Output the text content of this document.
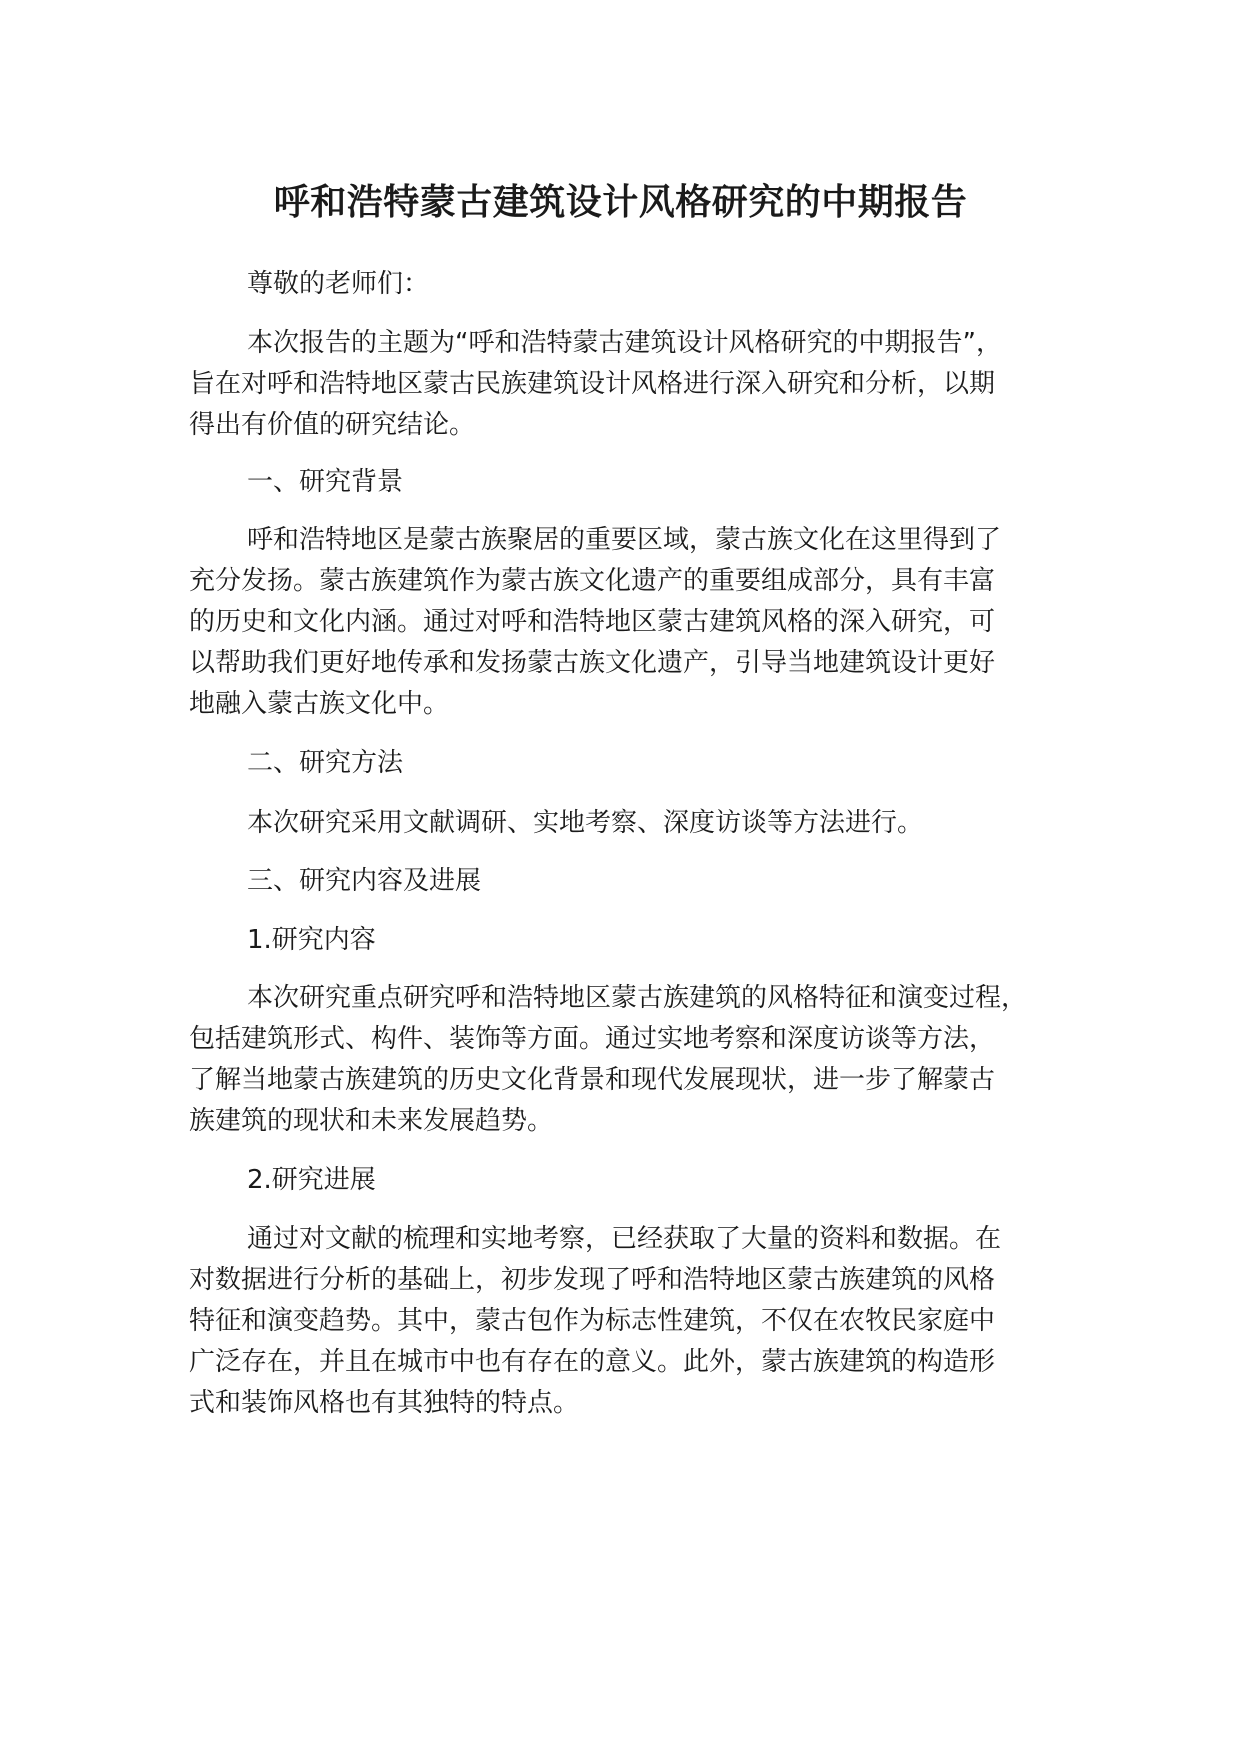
呼和浩特蒙古建筑设计风格研究的中期报告
尊敬的老师们：
本次报告的主题为“呼和浩特蒙古建筑设计风格研究的中期报告”，
旨在对呼和浩特地区蒙古民族建筑设计风格进行深入研究和分析，以期
得出有价值的研究结论。
一、研究背景
呼和浩特地区是蒙古族聚居的重要区域，蒙古族文化在这里得到了
充分发扬。蒙古族建筑作为蒙古族文化遗产的重要组成部分，具有丰富
的历史和文化内涵。通过对呼和浩特地区蒙古建筑风格的深入研究，可
以帮助我们更好地传承和发扬蒙古族文化遗产，引导当地建筑设计更好
地融入蒙古族文化中。
二、研究方法
本次研究采用文献调研、实地考察、深度访谈等方法进行。
三、研究内容及进展
1.研究内容
本次研究重点研究呼和浩特地区蒙古族建筑的风格特征和演变过程，
包括建筑形式、构件、装饰等方面。通过实地考察和深度访谈等方法，
了解当地蒙古族建筑的历史文化背景和现代发展现状，进一步了解蒙古
族建筑的现状和未来发展趋势。
2.研究进展
通过对文献的梳理和实地考察，已经获取了大量的资料和数据。在
对数据进行分析的基础上，初步发现了呼和浩特地区蒙古族建筑的风格
特征和演变趋势。其中，蒙古包作为标志性建筑，不仅在农牧民家庭中
广泛存在，并且在城市中也有存在的意义。此外，蒙古族建筑的构造形
式和装饰风格也有其独特的特点。
